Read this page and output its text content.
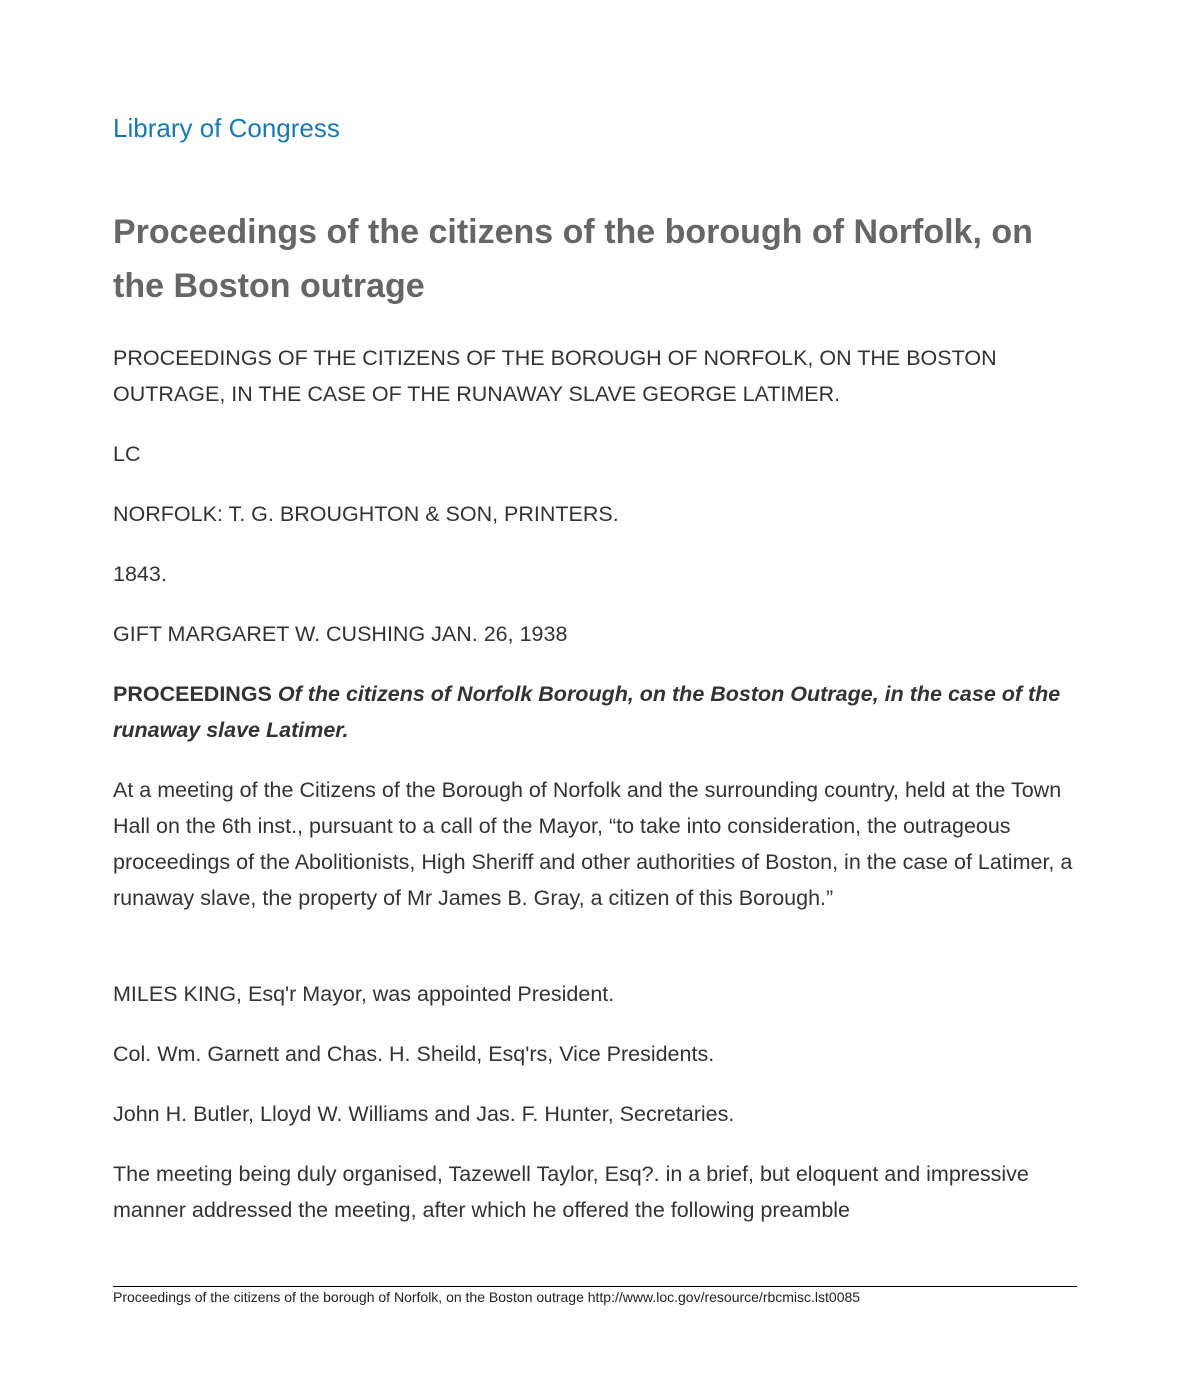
Library of Congress
Proceedings of the citizens of the borough of Norfolk, on the Boston outrage

PROCEEDINGS OF THE CITIZENS OF THE BOROUGH OF NORFOLK, ON THE BOSTON OUTRAGE, IN THE CASE OF THE RUNAWAY SLAVE GEORGE LATIMER.

LC

NORFOLK: T. G. BROUGHTON & SON, PRINTERS.

1843.

GIFT MARGARET W. CUSHING JAN. 26, 1938

PROCEEDINGS Of the citizens of Norfolk Borough, on the Boston Outrage, in the case of the runaway slave Latimer.

At a meeting of the Citizens of the Borough of Norfolk and the surrounding country, held at the Town Hall on the 6th inst., pursuant to a call of the Mayor, “to take into consideration, the outrageous proceedings of the Abolitionists, High Sheriff and other authorities of Boston, in the case of Latimer, a runaway slave, the property of Mr James B. Gray, a citizen of this Borough.”

MILES KING, Esq'r Mayor, was appointed President.

Col. Wm. Garnett and Chas. H. Sheild, Esq'rs, Vice Presidents.

John H. Butler, Lloyd W. Williams and Jas. F. Hunter, Secretaries.

The meeting being duly organised, Tazewell Taylor, Esq?. in a brief, but eloquent and impressive manner addressed the meeting, after which he offered the following preamble

Proceedings of the citizens of the borough of Norfolk, on the Boston outrage http://www.loc.gov/resource/rbcmisc.lst0085
